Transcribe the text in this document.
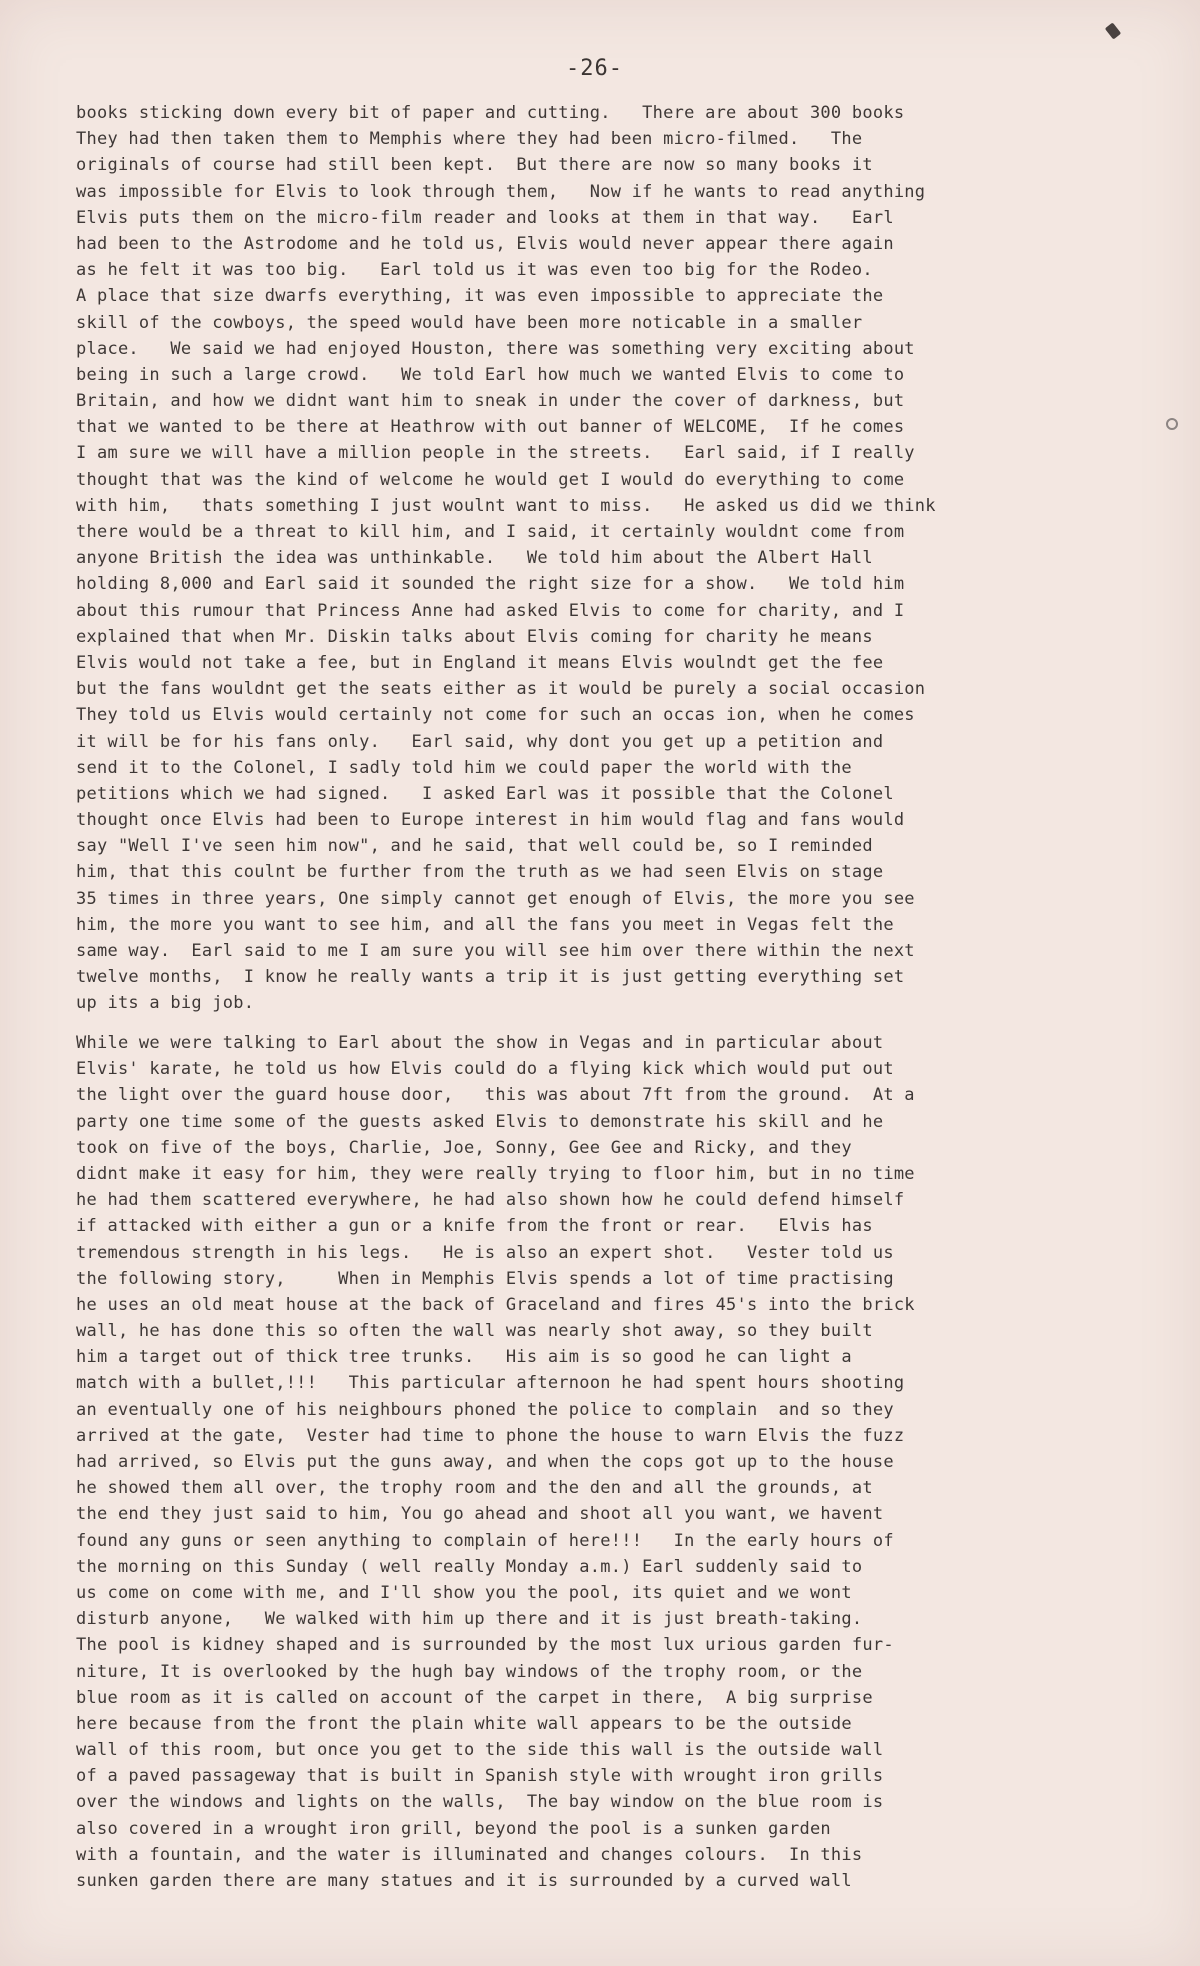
-26-
books sticking down every bit of paper and cutting.   There are about 300 books
They had then taken them to Memphis where they had been micro-filmed.   The
originals of course had still been kept.  But there are now so many books it
was impossible for Elvis to look through them,   Now if he wants to read anything
Elvis puts them on the micro-film reader and looks at them in that way.   Earl
had been to the Astrodome and he told us, Elvis would never appear there again
as he felt it was too big.   Earl told us it was even too big for the Rodeo.
A place that size dwarfs everything, it was even impossible to appreciate the
skill of the cowboys, the speed would have been more noticable in a smaller
place.   We said we had enjoyed Houston, there was something very exciting about
being in such a large crowd.   We told Earl how much we wanted Elvis to come to
Britain, and how we didnt want him to sneak in under the cover of darkness, but
that we wanted to be there at Heathrow with out banner of WELCOME,  If he comes
I am sure we will have a million people in the streets.   Earl said, if I really
thought that was the kind of welcome he would get I would do everything to come
with him,   thats something I just woulnt want to miss.   He asked us did we think
there would be a threat to kill him, and I said, it certainly wouldnt come from
anyone British the idea was unthinkable.   We told him about the Albert Hall
holding 8,000 and Earl said it sounded the right size for a show.   We told him
about this rumour that Princess Anne had asked Elvis to come for charity, and I
explained that when Mr. Diskin talks about Elvis coming for charity he means
Elvis would not take a fee, but in England it means Elvis woulndt get the fee
but the fans wouldnt get the seats either as it would be purely a social occasion
They told us Elvis would certainly not come for such an occas ion, when he comes
it will be for his fans only.   Earl said, why dont you get up a petition and
send it to the Colonel, I sadly told him we could paper the world with the
petitions which we had signed.   I asked Earl was it possible that the Colonel
thought once Elvis had been to Europe interest in him would flag and fans would
say "Well I've seen him now", and he said, that well could be, so I reminded
him, that this coulnt be further from the truth as we had seen Elvis on stage
35 times in three years, One simply cannot get enough of Elvis, the more you see
him, the more you want to see him, and all the fans you meet in Vegas felt the
same way.  Earl said to me I am sure you will see him over there within the next
twelve months,  I know he really wants a trip it is just getting everything set
up its a big job.
While we were talking to Earl about the show in Vegas and in particular about
Elvis' karate, he told us how Elvis could do a flying kick which would put out
the light over the guard house door,   this was about 7ft from the ground.  At a
party one time some of the guests asked Elvis to demonstrate his skill and he
took on five of the boys, Charlie, Joe, Sonny, Gee Gee and Ricky, and they
didnt make it easy for him, they were really trying to floor him, but in no time
he had them scattered everywhere, he had also shown how he could defend himself
if attacked with either a gun or a knife from the front or rear.   Elvis has
tremendous strength in his legs.   He is also an expert shot.   Vester told us
the following story,     When in Memphis Elvis spends a lot of time practising
he uses an old meat house at the back of Graceland and fires 45's into the brick
wall, he has done this so often the wall was nearly shot away, so they built
him a target out of thick tree trunks.   His aim is so good he can light a
match with a bullet,!!!   This particular afternoon he had spent hours shooting
an eventually one of his neighbours phoned the police to complain  and so they
arrived at the gate,  Vester had time to phone the house to warn Elvis the fuzz
had arrived, so Elvis put the guns away, and when the cops got up to the house
he showed them all over, the trophy room and the den and all the grounds, at
the end they just said to him, You go ahead and shoot all you want, we havent
found any guns or seen anything to complain of here!!!   In the early hours of
the morning on this Sunday ( well really Monday a.m.) Earl suddenly said to
us come on come with me, and I'll show you the pool, its quiet and we wont
disturb anyone,   We walked with him up there and it is just breath-taking.
The pool is kidney shaped and is surrounded by the most lux urious garden fur-
niture, It is overlooked by the hugh bay windows of the trophy room, or the
blue room as it is called on account of the carpet in there,  A big surprise
here because from the front the plain white wall appears to be the outside
wall of this room, but once you get to the side this wall is the outside wall
of a paved passageway that is built in Spanish style with wrought iron grills
over the windows and lights on the walls,  The bay window on the blue room is
also covered in a wrought iron grill, beyond the pool is a sunken garden
with a fountain, and the water is illuminated and changes colours.  In this
sunken garden there are many statues and it is surrounded by a curved wall
